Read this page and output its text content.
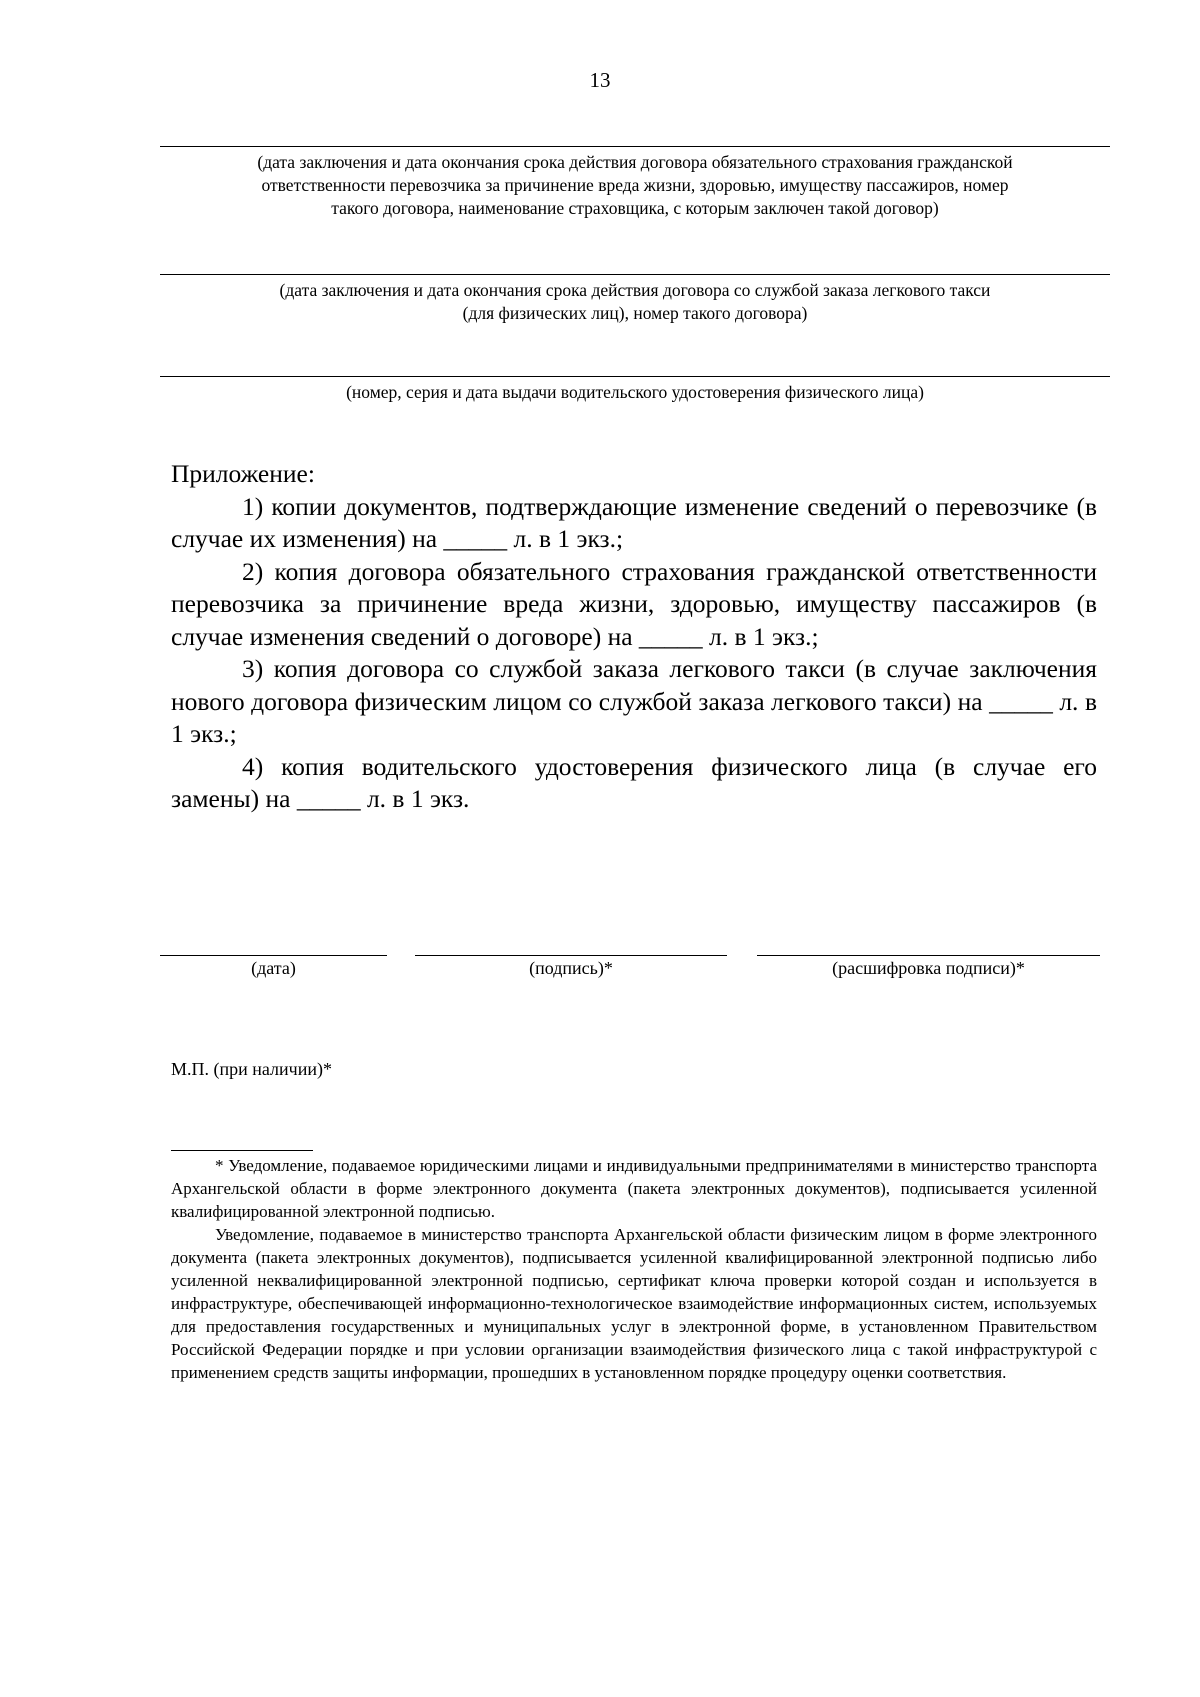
13
(дата заключения и дата окончания срока действия договора обязательного страхования гражданской
ответственности перевозчика за причинение вреда жизни, здоровью, имуществу пассажиров, номер
такого договора, наименование страховщика, с которым заключен такой договор)
(дата заключения и дата окончания срока действия договора со службой заказа легкового такси
(для физических лиц), номер такого договора)
(номер, серия и дата выдачи водительского удостоверения физического лица)

Приложение:

1) копии документов, подтверждающие изменение сведений о перевозчике (в случае их изменения) на _____ л. в 1 экз.;

2) копия договора обязательного страхования гражданской ответственности перевозчика за причинение вреда жизни, здоровью, имуществу пассажиров (в случае изменения сведений о договоре) на _____ л. в 1 экз.;

3) копия договора со службой заказа легкового такси (в случае заключения нового договора физическим лицом со службой заказа легкового такси) на _____ л. в 1 экз.;

4) копия водительского удостоверения физического лица (в случае его замены) на _____ л. в 1 экз.

(дата)	(подпись)*	(расшифровка подписи)*
М.П. (при наличии)*

* Уведомление, подаваемое юридическими лицами и индивидуальными предпринимателями в министерство транспорта Архангельской области в форме электронного документа (пакета электронных документов), подписывается усиленной квалифицированной электронной подписью.

Уведомление, подаваемое в министерство транспорта Архангельской области физическим лицом в форме электронного документа (пакета электронных документов), подписывается усиленной квалифицированной электронной подписью либо усиленной неквалифицированной электронной подписью, сертификат ключа проверки которой создан и используется в инфраструктуре, обеспечивающей информационно-технологическое взаимодействие информационных систем, используемых для предоставления государственных и муниципальных услуг в электронной форме, в установленном Правительством Российской Федерации порядке и при условии организации взаимодействия физического лица с такой инфраструктурой с применением средств защиты информации, прошедших в установленном порядке процедуру оценки соответствия.
